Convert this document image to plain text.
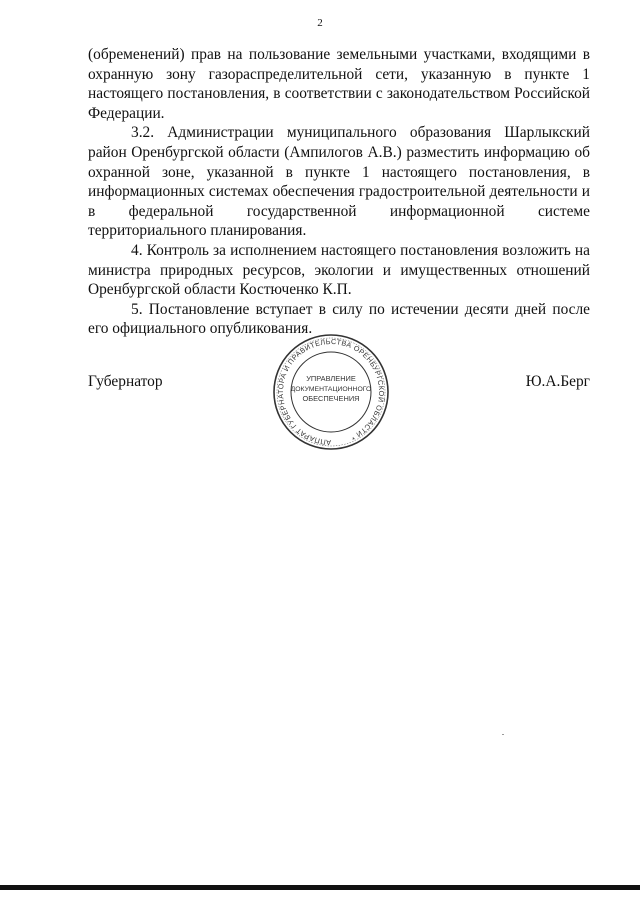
2

(обременений) прав на пользование земельными участками, входящими в охранную зону газораспределительной сети, указанную в пункте 1 настоящего постановления, в соответствии с законодательством Российской Федерации.

3.2. Администрации муниципального образования Шарлыкский район Оренбургской области (Ампилогов А.В.) разместить информацию об охранной зоне, указанной в пункте 1 настоящего постановления, в информационных системах обеспечения градостроительной деятельности и в федеральной государственной информационной системе территориального планирования.

4. Контроль за исполнением настоящего постановления возложить на министра природных ресурсов, экологии и имущественных отношений Оренбургской области Костюченко К.П.

5. Постановление вступает в силу по истечении десяти дней после его официального опубликования.

Губернатор	Ю.А.Берг
АППАРАТ ГУБЕРНАТОРА И ПРАВИТЕЛЬСТВА ОРЕНБУРГСКОЙ ОБЛАСТИ *
УПРАВЛЕНИЕ
ДОКУМЕНТАЦИОННОГО
ОБЕСПЕЧЕНИЯ
